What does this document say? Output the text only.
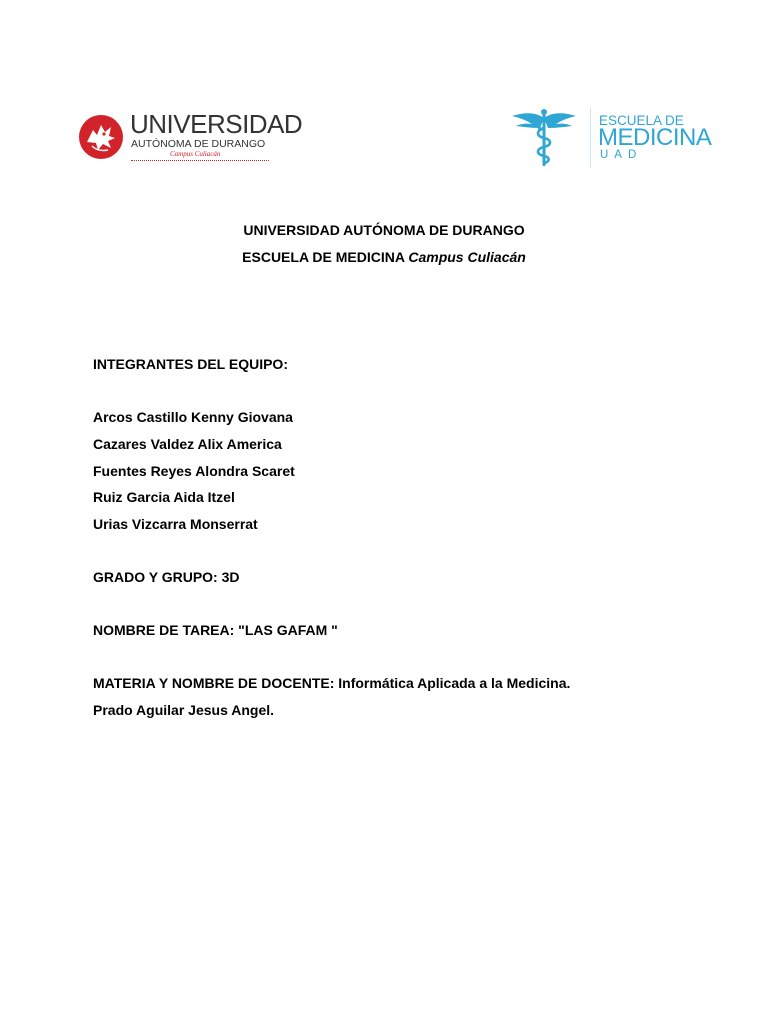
UNIVERSIDAD
AUTÓNOMA DE DURANGO
Campus Culiacán
ESCUELA DE
MEDICINA
UAD
UNIVERSIDAD AUTÓNOMA DE DURANGO
ESCUELA DE MEDICINA Campus Culiacán
INTEGRANTES DEL EQUIPO:
Arcos Castillo Kenny Giovana
Cazares Valdez Alix America
Fuentes Reyes Alondra Scaret
Ruiz Garcia Aida Itzel
Urias Vizcarra Monserrat
GRADO Y GRUPO: 3D
NOMBRE DE TAREA: "LAS GAFAM "
MATERIA Y NOMBRE DE DOCENTE: Informática Aplicada a la Medicina.
Prado Aguilar Jesus Angel.
